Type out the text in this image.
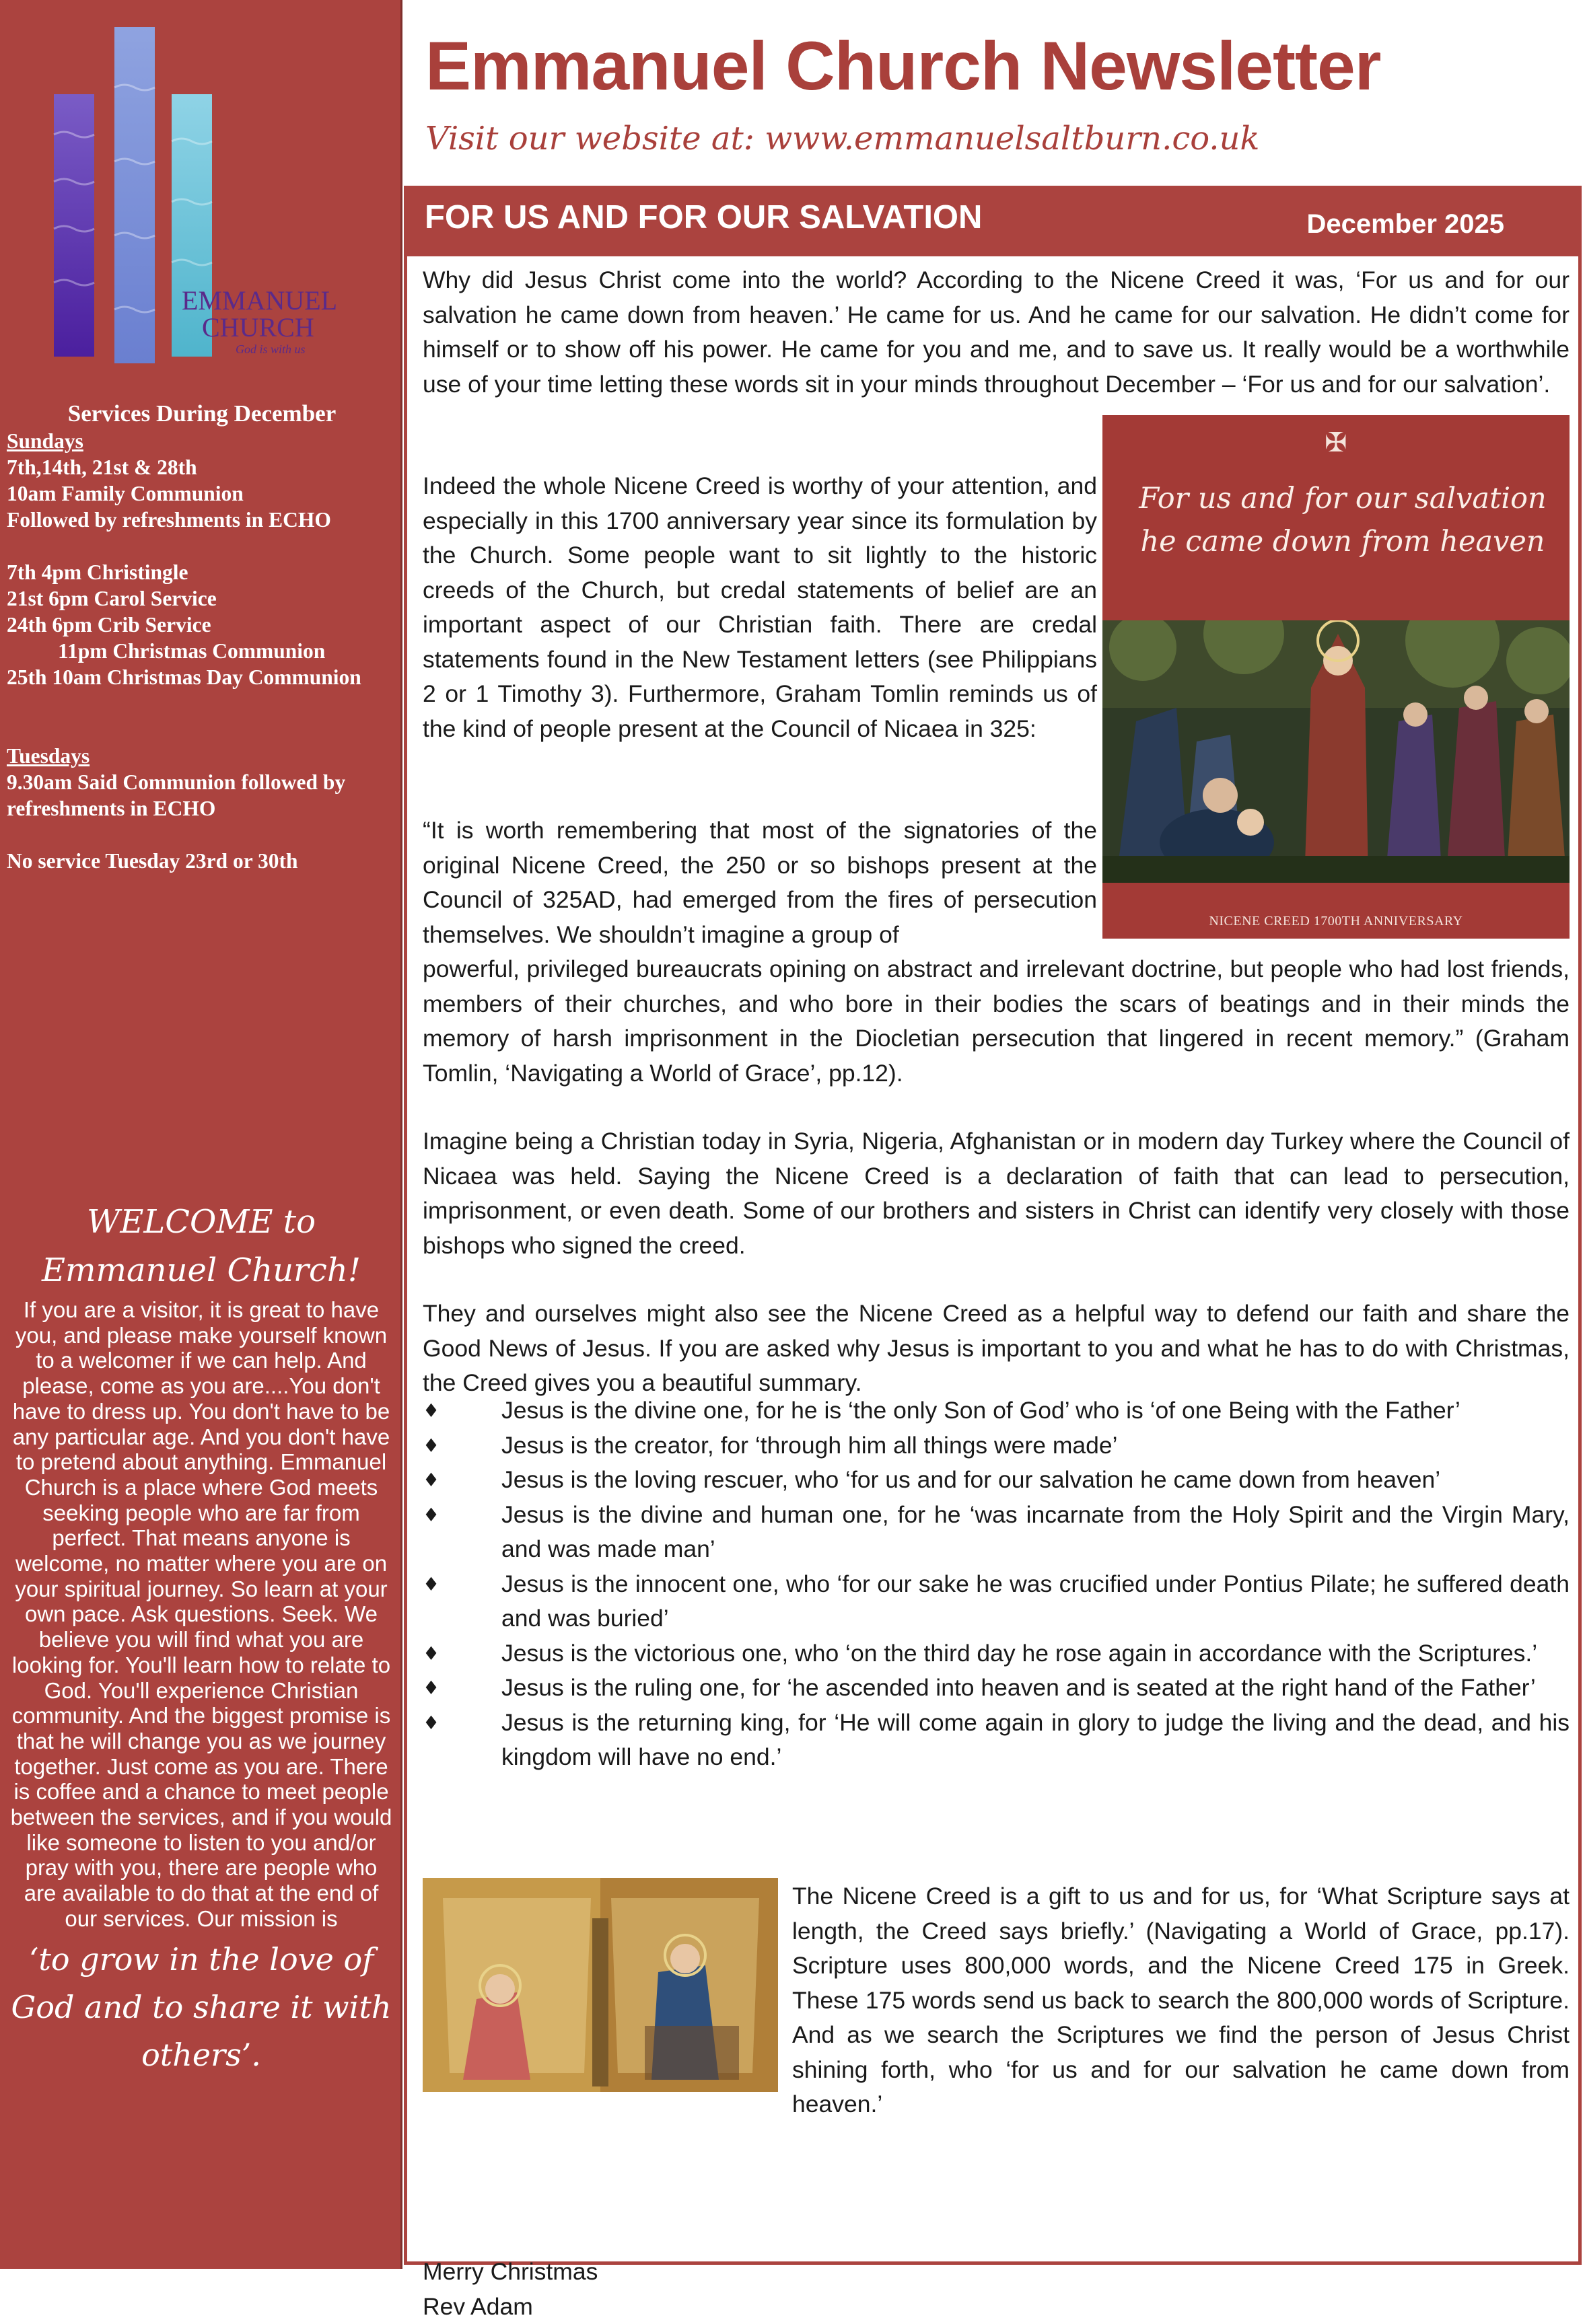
EMMANUEL
CHURCH
God is with us
Services During December
Sundays
7th,14th, 21st & 28th
10am Family Communion
Followed by refreshments in ECHO
7th 4pm Christingle
21st 6pm Carol Service
24th 6pm Crib Service
11pm Christmas Communion
25th 10am Christmas Day Communion
Tuesdays
9.30am Said Communion followed by refreshments in ECHO
No service Tuesday 23rd or 30th
WELCOME to
Emmanuel Church!
If you are a visitor, it is great to have you, and please make yourself known to a welcomer if we can help. And please, come as you are....You don't have to dress up. You don't have to be any particular age. And you don't have to pretend about anything. Emmanuel Church is a place where God meets seeking people who are far from perfect. That means anyone is welcome, no matter where you are on your spiritual journey. So learn at your own pace. Ask questions. Seek. We believe you will find what you are looking for. You'll learn how to relate to God. You'll experience Christian community. And the biggest promise is that he will change you as we journey together. Just come as you are. There is coffee and a chance to meet people between the services, and if you would like someone to listen to you and/or pray with you, there are people who are available to do that at the end of our services. Our mission is
‘to grow in the love of God and to share it with others’.
Emmanuel Church Newsletter
Visit our website at: www.emmanuelsaltburn.co.uk
FOR US AND FOR OUR SALVATION	December 2025
Why did Jesus Christ come into the world? According to the Nicene Creed it was, ‘For us and for our salvation he came down from heaven.’ He came for us. And he came for our salvation. He didn’t come for himself or to show off his power. He came for you and me, and to save us. It really would be a worthwhile use of your time letting these words sit in your minds throughout December – ‘For us and for our salvation’.
✠
For us and for our salvation
he came down from heaven
NICENE CREED 1700TH ANNIVERSARY
Indeed the whole Nicene Creed is worthy of your attention, and especially in this 1700 anniversary year since its formulation by the Church. Some people want to sit lightly to the historic creeds of the Church, but credal statements of belief are an important aspect of our Christian faith. There are credal statements found in the New Testament letters (see Philippians 2 or 1 Timothy 3). Furthermore, Graham Tomlin reminds us of the kind of people present at the Council of Nicaea in 325:
“It is worth remembering that most of the signatories of the original Nicene Creed, the 250 or so bishops present at the Council of 325AD, had emerged from the fires of persecution themselves. We shouldn’t imagine a group of
powerful, privileged bureaucrats opining on abstract and irrelevant doctrine, but people who had lost friends, members of their churches, and who bore in their bodies the scars of beatings and in their minds the memory of harsh imprisonment in the Diocletian persecution that lingered in recent memory.” (Graham Tomlin, ‘Navigating a World of Grace’, pp.12).
Imagine being a Christian today in Syria, Nigeria, Afghanistan or in modern day Turkey where the Council of Nicaea was held. Saying the Nicene Creed is a declaration of faith that can lead to persecution, imprisonment, or even death. Some of our brothers and sisters in Christ can identify very closely with those bishops who signed the creed.
They and ourselves might also see the Nicene Creed as a helpful way to defend our faith and share the Good News of Jesus. If you are asked why Jesus is important to you and what he has to do with Christmas, the Creed gives you a beautiful summary.
♦	Jesus is the divine one, for he is ‘the only Son of God’ who is ‘of one Being with the Father’
♦	Jesus is the creator, for ‘through him all things were made’
♦	Jesus is the loving rescuer, who ‘for us and for our salvation he came down from heaven’
♦	Jesus is the divine and human one, for he ‘was incarnate from the Holy Spirit and the Virgin Mary, and was made man’
♦	Jesus is the innocent one, who ‘for our sake he was crucified under Pontius Pilate; he suffered death and was buried’
♦	Jesus is the victorious one, who ‘on the third day he rose again in accordance with the Scriptures.’
♦	Jesus is the ruling one, for ‘he ascended into heaven and is seated at the right hand of the Father’
♦	Jesus is the returning king, for ‘He will come again in glory to judge the living and the dead, and his kingdom will have no end.’
The Nicene Creed is a gift to us and for us, for ‘What Scripture says at length, the Creed says briefly.’ (Navigating a World of Grace, pp.17). Scripture uses 800,000 words, and the Nicene Creed 175 in Greek. These 175 words send us back to search the 800,000 words of Scripture. And as we search the Scriptures we find the person of Jesus Christ shining forth, who ‘for us and for our salvation he came down from heaven.’
Merry Christmas
Rev Adam
